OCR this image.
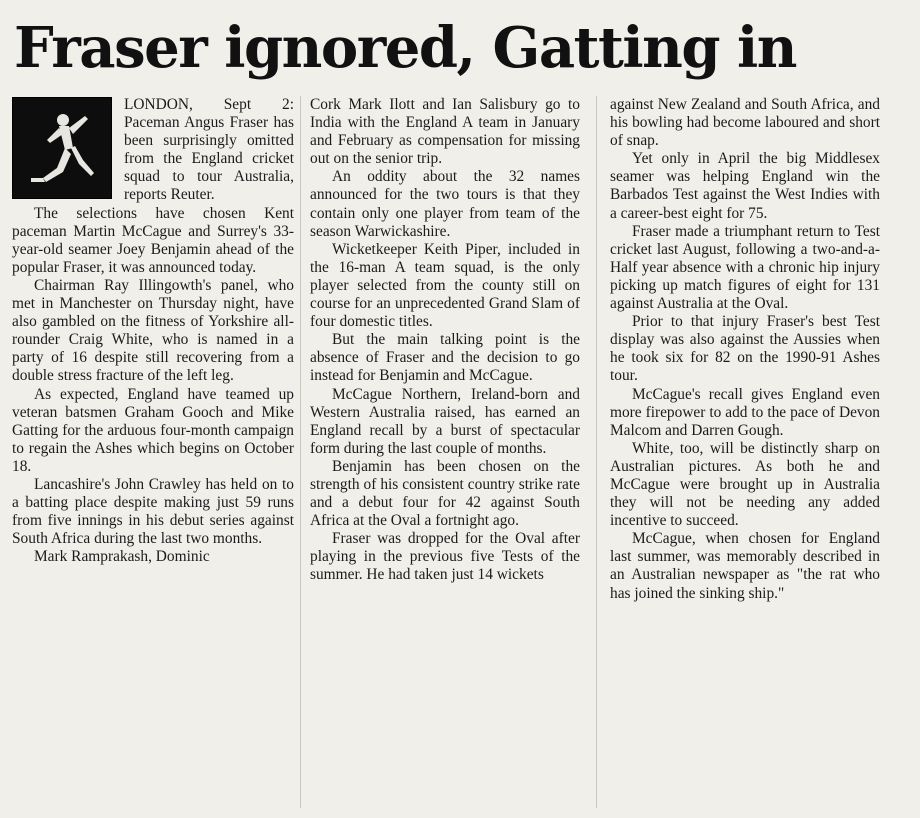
Fraser ignored, Gatting in

LONDON, Sept 2: Paceman Angus Fraser has been surprisingly omitted from the England cricket squad to tour Australia, reports Reuter.

The selections have chosen Kent paceman Martin McCague and Surrey's 33-year-old seamer Joey Benjamin ahead of the popular Fraser, it was announced today.

Chairman Ray Illingowth's panel, who met in Manchester on Thursday night, have also gambled on the fitness of Yorkshire all-rounder Craig White, who is named in a party of 16 despite still recovering from a double stress fracture of the left leg.

As expected, England have teamed up veteran batsmen Graham Gooch and Mike Gatting for the arduous four-month campaign to regain the Ashes which begins on October 18.

Lancashire's John Crawley has held on to a batting place despite making just 59 runs from five innings in his debut series against South Africa during the last two months.

Mark Ramprakash, Dominic

Cork Mark Ilott and Ian Salisbury go to India with the England A team in January and February as compensation for missing out on the senior trip.

An oddity about the 32 names announced for the two tours is that they contain only one player from team of the season Warwickashire.

Wicketkeeper Keith Piper, included in the 16-man A team squad, is the only player selected from the county still on course for an unprecedented Grand Slam of four domestic titles.

But the main talking point is the absence of Fraser and the decision to go instead for Benjamin and McCague.

McCague Northern, Ireland-born and Western Australia raised, has earned an England recall by a burst of spectacular form during the last couple of months.

Benjamin has been chosen on the strength of his consistent country strike rate and a debut four for 42 against South Africa at the Oval a fortnight ago.

Fraser was dropped for the Oval after playing in the previous five Tests of the summer. He had taken just 14 wickets

against New Zealand and South Africa, and his bowling had become laboured and short of snap.

Yet only in April the big Middlesex seamer was helping England win the Barbados Test against the West Indies with a career-best eight for 75.

Fraser made a triumphant return to Test cricket last August, following a two-and-a-Half year absence with a chronic hip injury picking up match figures of eight for 131 against Australia at the Oval.

Prior to that injury Fraser's best Test display was also against the Aussies when he took six for 82 on the 1990-91 Ashes tour.

McCague's recall gives England even more firepower to add to the pace of Devon Malcom and Darren Gough.

White, too, will be distinctly sharp on Australian pictures. As both he and McCague were brought up in Australia they will not be needing any added incentive to succeed.

McCague, when chosen for England last summer, was memorably described in an Australian newspaper as "the rat who has joined the sinking ship."
